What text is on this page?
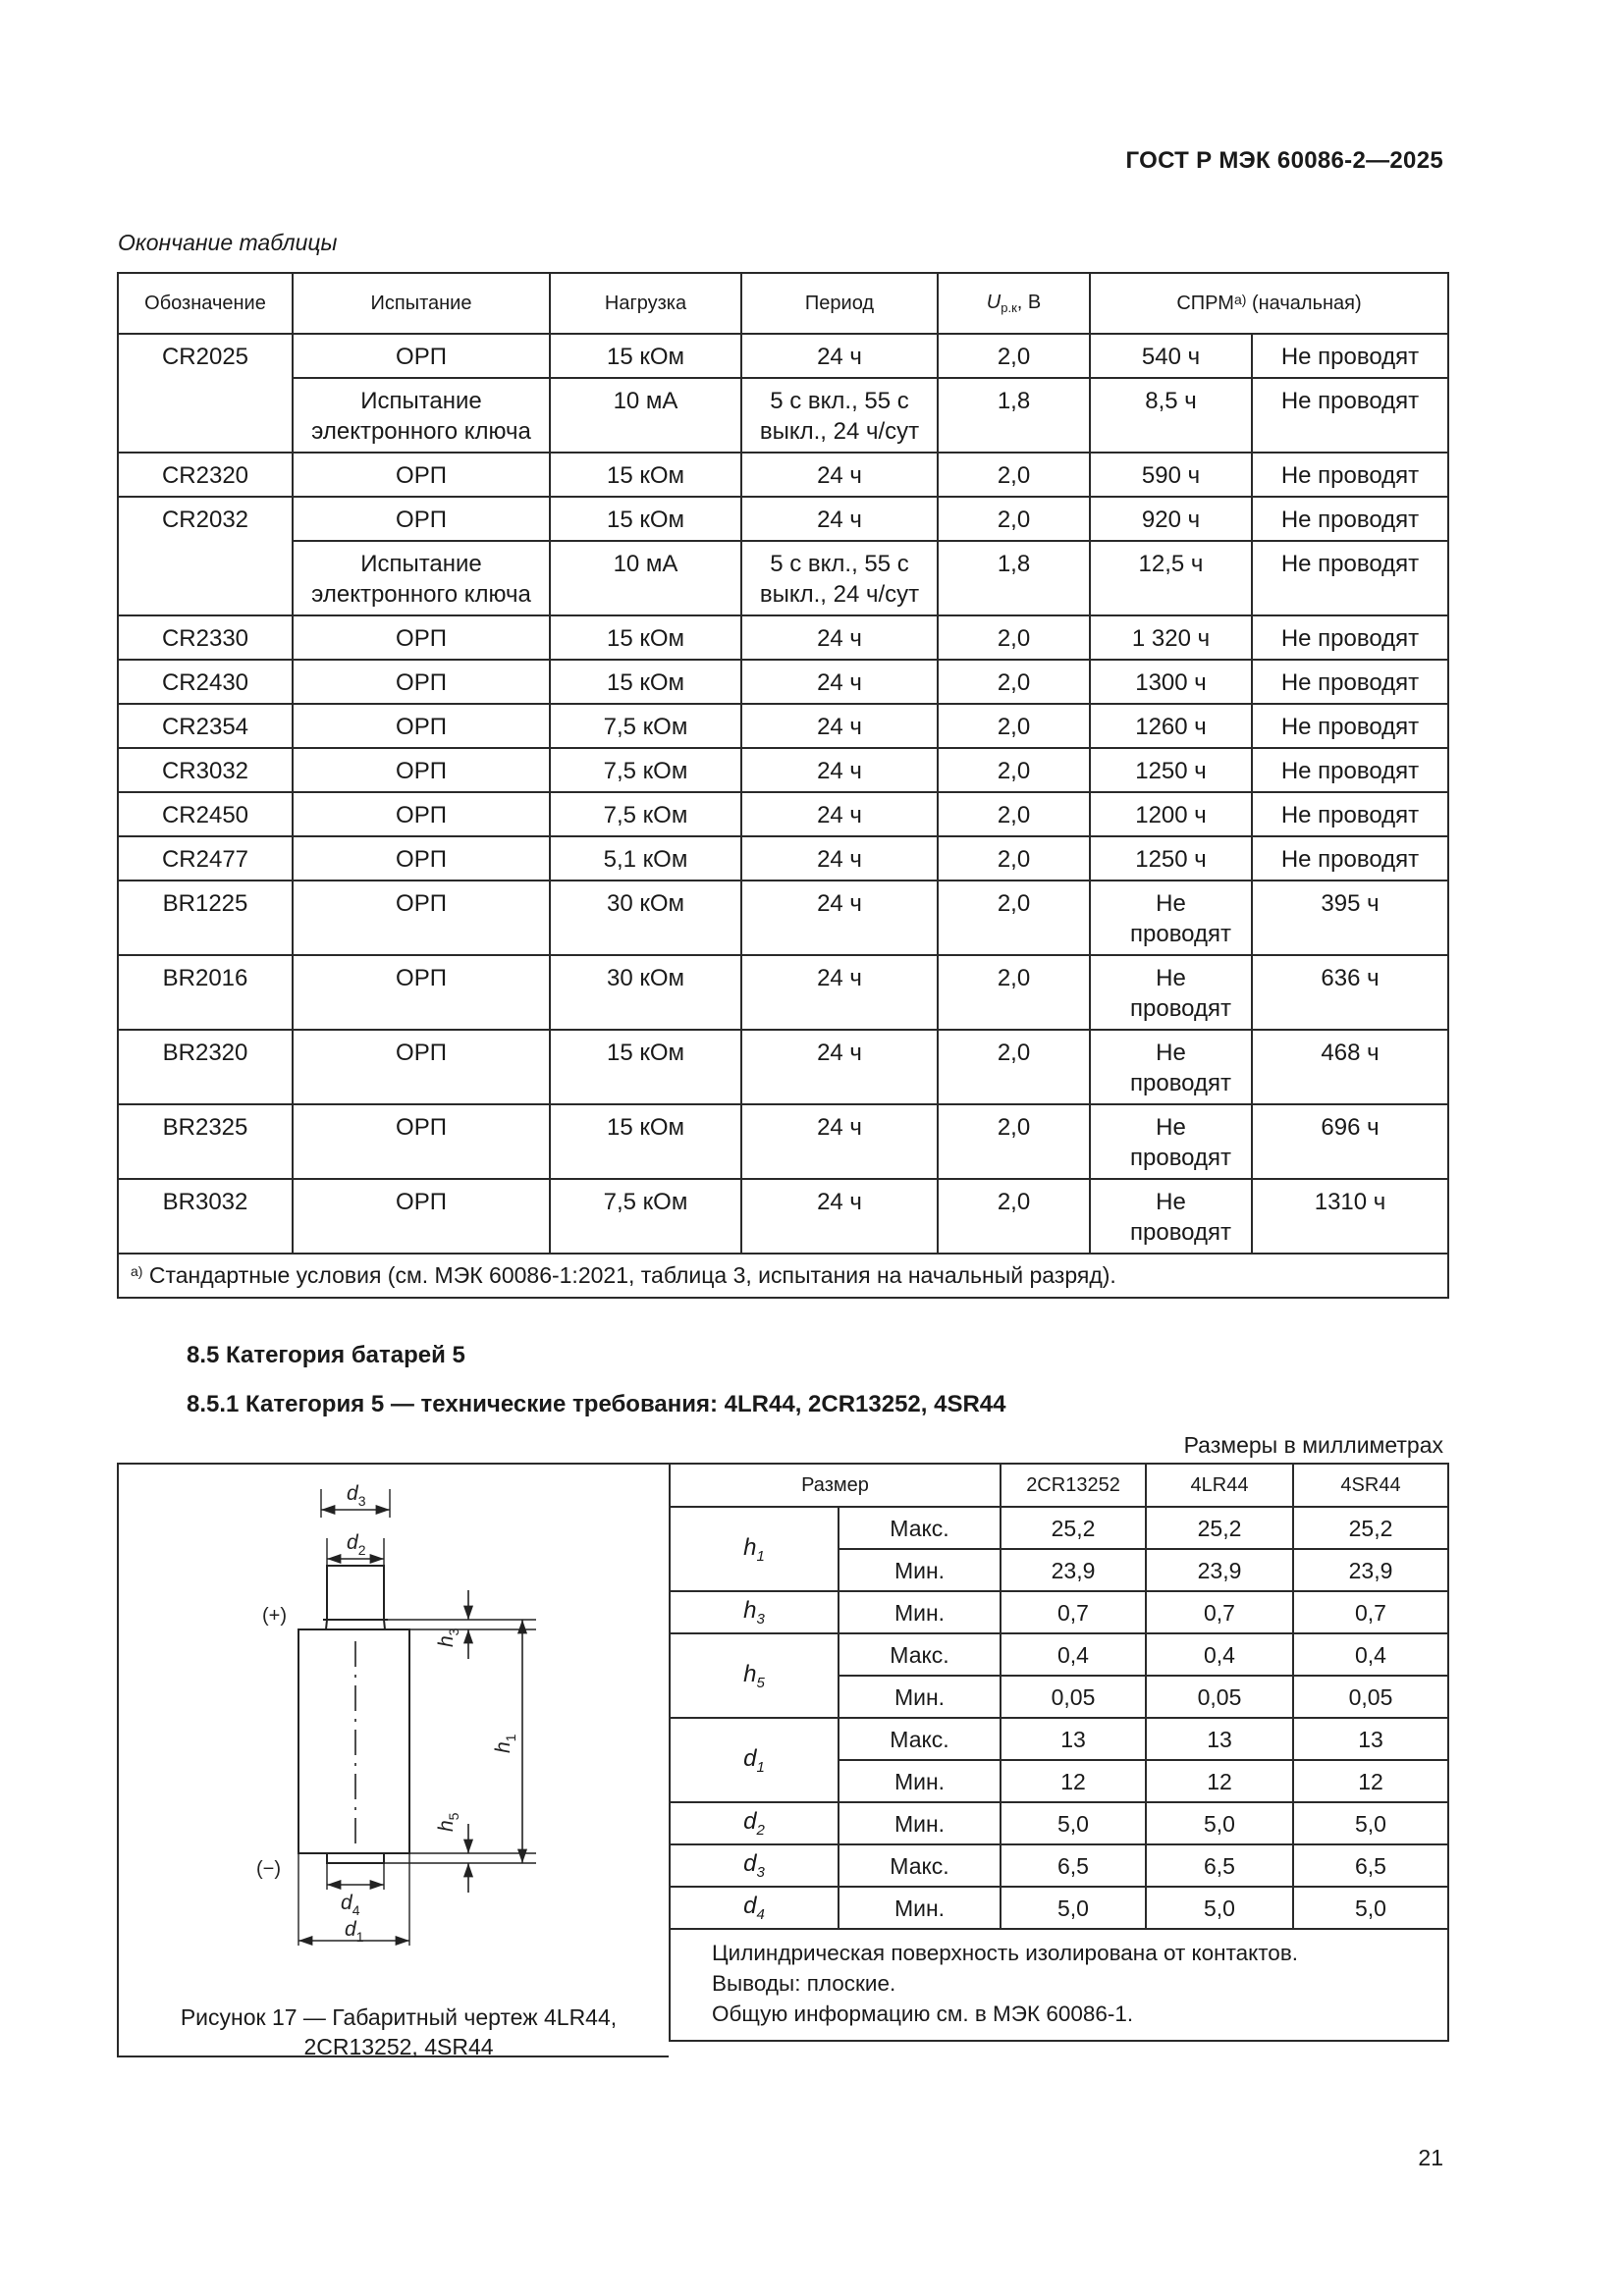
ГОСТ Р МЭК 60086-2—2025
Окончание таблицы
Обозначение	Испытание	Нагрузка	Период	$U_{р.к}$, В	$СПРМ^{а)}$ (начальная)	
CR2025	ОРП	15 кОм	24 ч	2,0	540 ч	Не проводят
	Испытание электронного ключа	10 мА	5 с вкл., 55 с выкл., 24 ч/сут	1,8	8,5 ч	Не проводят
CR2320	ОРП	15 кОм	24 ч	2,0	590 ч	Не проводят
CR2032	ОРП	15 кОм	24 ч	2,0	920 ч	Не проводят
	Испытание электронного ключа	10 мА	5 с вкл., 55 с выкл., 24 ч/сут	1,8	12,5 ч	Не проводят
CR2330	ОРП	15 кОм	24 ч	2,0	1 320 ч	Не проводят
CR2430	ОРП	15 кОм	24 ч	2,0	1300 ч	Не проводят
CR2354	ОРП	7,5 кОм	24 ч	2,0	1260 ч	Не проводят
CR3032	ОРП	7,5 кОм	24 ч	2,0	1250 ч	Не проводят
CR2450	ОРП	7,5 кОм	24 ч	2,0	1200 ч	Не проводят
CR2477	ОРП	5,1 кОм	24 ч	2,0	1250 ч	Не проводят
BR1225	ОРП	30 кОм	24 ч	2,0	Не проводят	395 ч
BR2016	ОРП	30 кОм	24 ч	2,0	Не проводят	636 ч
BR2320	ОРП	15 кОм	24 ч	2,0	Не проводят	468 ч
BR2325	ОРП	15 кОм	24 ч	2,0	Не проводят	696 ч
BR3032	ОРП	7,5 кОм	24 ч	2,0	Не проводят	1310 ч
$^{а)}$ Стандартные условия (см. МЭК 60086-1:2021, таблица 3, испытания на начальный разряд).						
8.5 Категория батарей 5
8.5.1 Категория 5 — технические требования: 4LR44, 2CR13252, 4SR44
Размеры в миллиметрах
$d_3$
$d_2$
$d_4$
$d_1$
$h_3$
$h_1$
$h_5$
(+)
(−)
Рисунок 17 — Габаритный чертеж 4LR44, 2CR13252, 4SR44
Размер		2CR13252	4LR44	4SR44
$h_1$	Макс.	25,2	25,2	25,2
	Мин.	23,9	23,9	23,9
$h_3$	Мин.	0,7	0,7	0,7
$h_5$	Макс.	0,4	0,4	0,4
	Мин.	0,05	0,05	0,05
$d_1$	Макс.	13	13	13
	Мин.	12	12	12
$d_2$	Мин.	5,0	5,0	5,0
$d_3$	Макс.	6,5	6,5	6,5
$d_4$	Мин.	5,0	5,0	5,0

Цилиндрическая поверхность изолирована от контактов.
Выводы: плоские.
Общую информацию см. в МЭК 60086-1.				
21
